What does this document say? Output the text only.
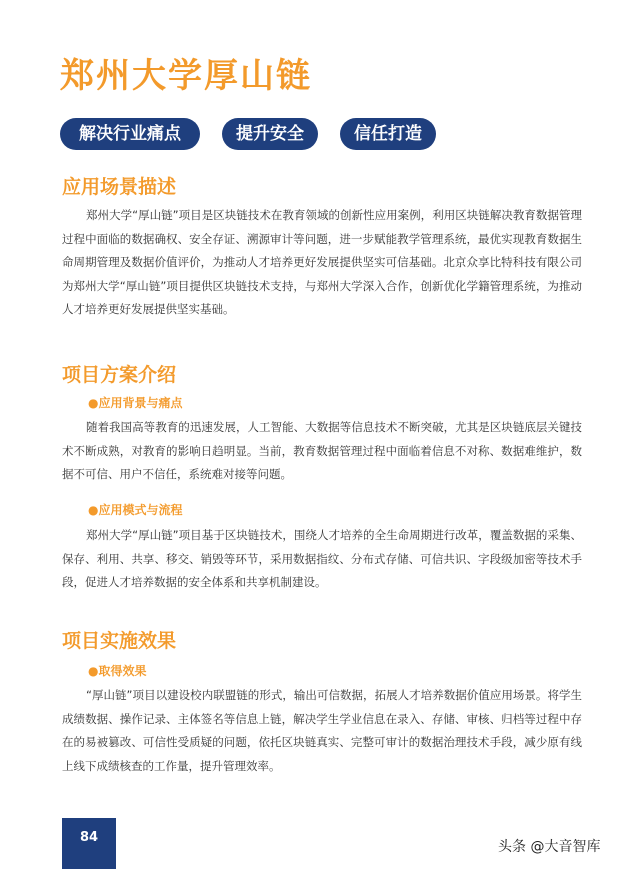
郑州大学厚山链
解决行业痛点	提升安全	信任打造
应用场景描述
郑州大学“厚山链”项目是区块链技术在教育领域的创新性应用案例，利用区块链解决教育数据管理过程中面临的数据确权、安全存证、溯源审计等问题，进一步赋能教学管理系统，最优实现教育数据生命周期管理及数据价值评价，为推动人才培养更好发展提供坚实可信基础。北京众享比特科技有限公司为郑州大学“厚山链”项目提供区块链技术支持，与郑州大学深入合作，创新优化学籍管理系统，为推动人才培养更好发展提供坚实基础。
项目方案介绍
●应用背景与痛点
随着我国高等教育的迅速发展，人工智能、大数据等信息技术不断突破，尤其是区块链底层关键技术不断成熟，对教育的影响日趋明显。当前，教育数据管理过程中面临着信息不对称、数据难维护，数据不可信、用户不信任，系统难对接等问题。
●应用模式与流程
郑州大学“厚山链”项目基于区块链技术，围绕人才培养的全生命周期进行改革，覆盖数据的采集、保存、利用、共享、移交、销毁等环节，采用数据指纹、分布式存储、可信共识、字段级加密等技术手段，促进人才培养数据的安全体系和共享机制建设。
项目实施效果
●取得效果
“厚山链”项目以建设校内联盟链的形式，输出可信数据，拓展人才培养数据价值应用场景。将学生成绩数据、操作记录、主体签名等信息上链，解决学生学业信息在录入、存储、审核、归档等过程中存在的易被篡改、可信性受质疑的问题，依托区块链真实、完整可审计的数据治理技术手段，减少原有线上线下成绩核查的工作量，提升管理效率。
84
头条 @大音智库
